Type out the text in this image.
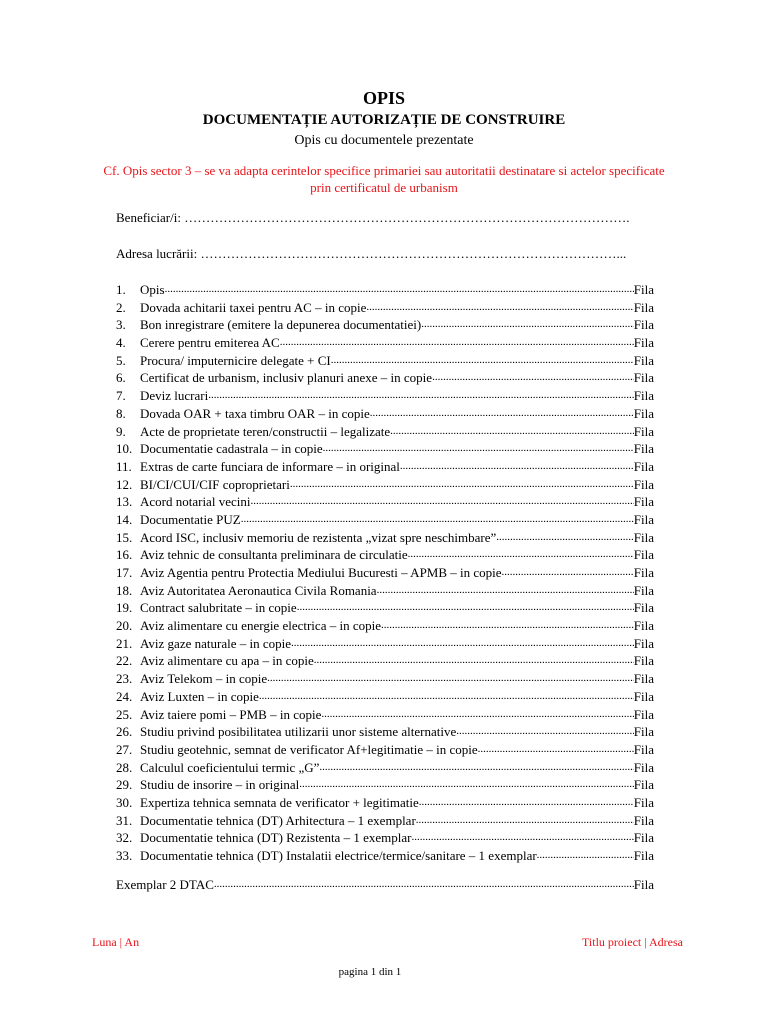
OPIS
DOCUMENTAȚIE AUTORIZAȚIE DE CONSTRUIRE
Opis cu documentele prezentate
Cf. Opis sector 3 – se va adapta cerintelor specifice primariei sau autoritatii destinatare si actelor specificate prin certificatul de urbanism
Beneficiar/i: ………………………………………………………………………………………….
Adresa lucrării: ……………………………………………………………………………………...
1.	Opis .....	Fila
2.	Dovada achitarii taxei pentru AC – in copie .....	Fila
3.	Bon inregistrare (emitere la depunerea documentatiei) .....	Fila
4.	Cerere pentru emiterea AC .....	Fila
5.	Procura/ imputernicire delegate + CI .....	Fila
6.	Certificat de urbanism, inclusiv planuri anexe – in copie .....	Fila
7.	Deviz lucrari .....	Fila
8.	Dovada OAR + taxa timbru OAR – in copie .....	Fila
9.	Acte de proprietate teren/constructii – legalizate .....	Fila
10. Documentatie cadastrala – in copie .....	Fila
11. Extras de carte funciara de informare – in original .....	Fila
12. BI/CI/CUI/CIF coproprietari .....	Fila
13. Acord notarial vecini .....	Fila
14. Documentatie PUZ .....	Fila
15. Acord ISC, inclusiv memoriu de rezistenta „vizat spre neschimbare” .....	Fila
16. Aviz tehnic de consultanta preliminara de circulatie .....	Fila
17. Aviz Agentia pentru Protectia Mediului Bucuresti – APMB – in copie .....	Fila
18. Aviz Autoritatea Aeronautica Civila Romania .....	Fila
19. Contract salubritate – in copie .....	Fila
20. Aviz alimentare cu energie electrica – in copie .....	Fila
21. Aviz gaze naturale – in copie .....	Fila
22. Aviz alimentare cu apa – in copie .....	Fila
23. Aviz Telekom – in copie .....	Fila
24. Aviz Luxten – in copie .....	Fila
25. Aviz taiere pomi – PMB – in copie .....	Fila
26. Studiu privind posibilitatea utilizarii unor sisteme alternative .....	Fila
27. Studiu geotehnic, semnat de verificator Af+legitimatie – in copie .....	Fila
28. Calculul coeficientului termic „G” .....	Fila
29. Studiu de insorire – in original .....	Fila
30. Expertiza tehnica semnata de verificator + legitimatie .....	Fila
31. Documentatie tehnica (DT) Arhitectura – 1 exemplar .....	Fila
32. Documentatie tehnica (DT) Rezistenta – 1 exemplar .....	Fila
33. Documentatie tehnica (DT) Instalatii electrice/termice/sanitare – 1 exemplar .....	Fila
Exemplar 2 DTAC .....	Fila
Luna | An	Titlu proiect | Adresa
pagina 1 din 1
